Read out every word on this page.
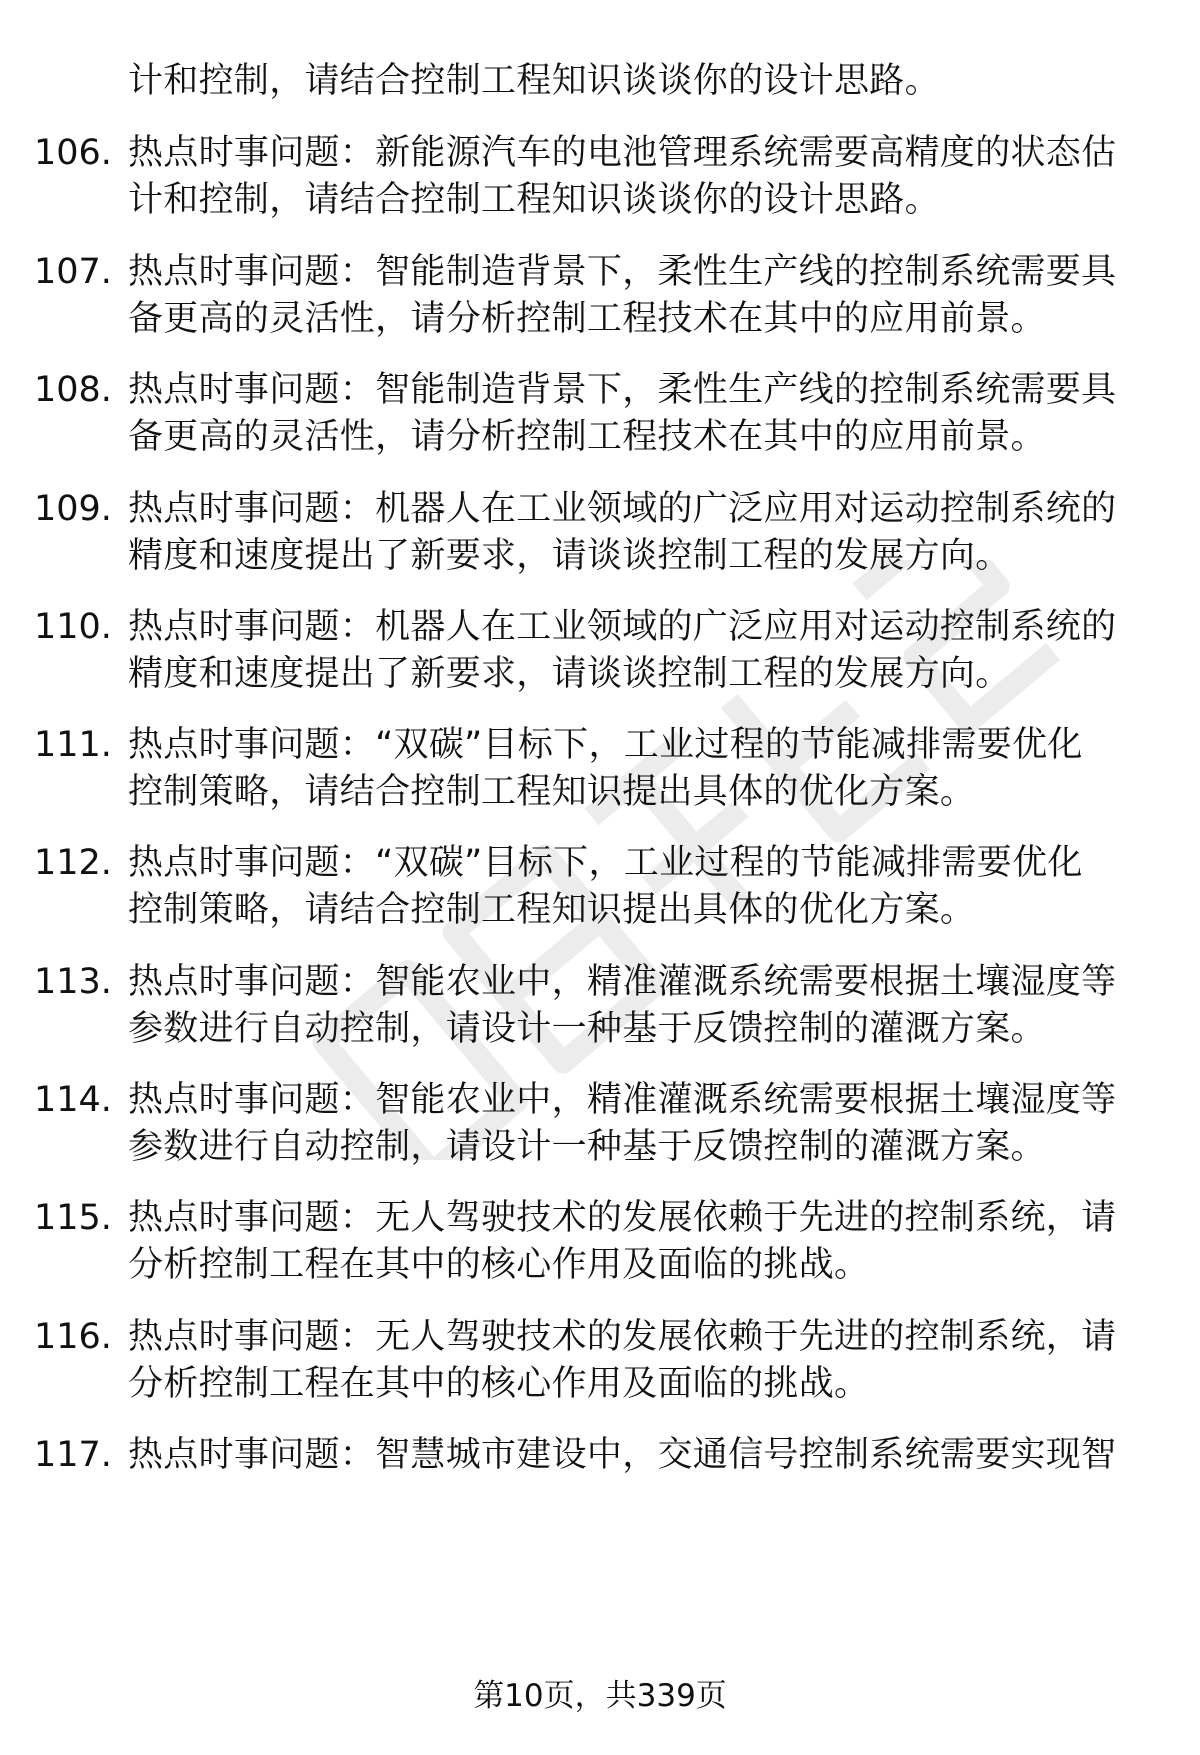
计和控制，请结合控制工程知识谈谈你的设计思路。
106. 热点时事问题：新能源汽车的电池管理系统需要高精度的状态估
计和控制，请结合控制工程知识谈谈你的设计思路。
107. 热点时事问题：智能制造背景下，柔性生产线的控制系统需要具
备更高的灵活性，请分析控制工程技术在其中的应用前景。
108. 热点时事问题：智能制造背景下，柔性生产线的控制系统需要具
备更高的灵活性，请分析控制工程技术在其中的应用前景。
109. 热点时事问题：机器人在工业领域的广泛应用对运动控制系统的
精度和速度提出了新要求，请谈谈控制工程的发展方向。
110. 热点时事问题：机器人在工业领域的广泛应用对运动控制系统的
精度和速度提出了新要求，请谈谈控制工程的发展方向。
111. 热点时事问题：“双碳”目标下，工业过程的节能减排需要优化
控制策略，请结合控制工程知识提出具体的优化方案。
112. 热点时事问题：“双碳”目标下，工业过程的节能减排需要优化
控制策略，请结合控制工程知识提出具体的优化方案。
113. 热点时事问题：智能农业中，精准灌溉系统需要根据土壤湿度等
参数进行自动控制，请设计一种基于反馈控制的灌溉方案。
114. 热点时事问题：智能农业中，精准灌溉系统需要根据土壤湿度等
参数进行自动控制，请设计一种基于反馈控制的灌溉方案。
115. 热点时事问题：无人驾驶技术的发展依赖于先进的控制系统，请
分析控制工程在其中的核心作用及面临的挑战。
116. 热点时事问题：无人驾驶技术的发展依赖于先进的控制系统，请
分析控制工程在其中的核心作用及面临的挑战。
117. 热点时事问题：智慧城市建设中，交通信号控制系统需要实现智
第10页，共339页
